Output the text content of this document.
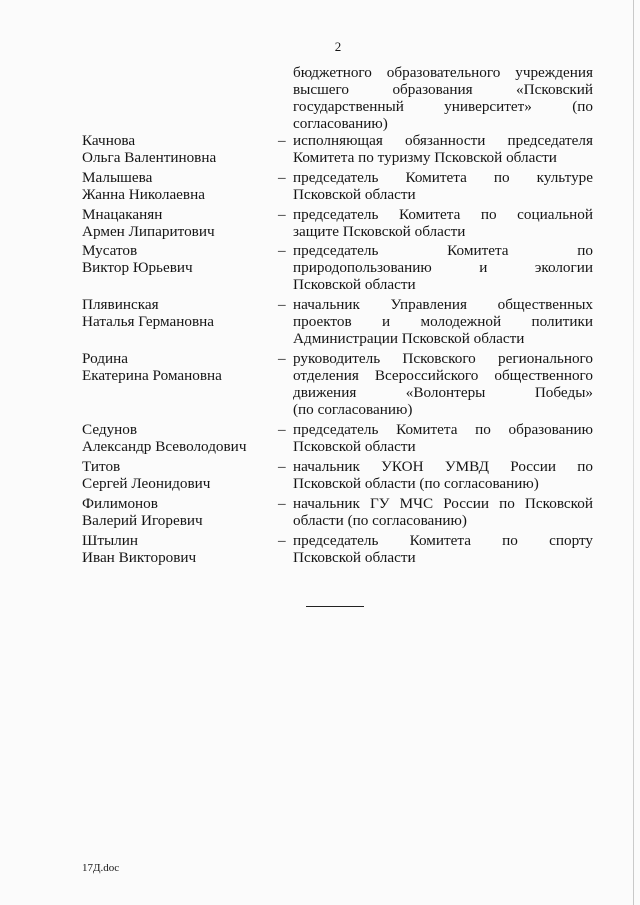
2
бюджетного образовательного учреждения
высшего образования «Псковский
государственный университет» (по
согласованию)
Качнова
Ольга Валентиновна
– исполняющая обязанности председателя
Комитета по туризму Псковской области
Малышева
Жанна Николаевна
– председатель Комитета по культуре
Псковской области
Мнацаканян
Армен Липаритович
– председатель Комитета по социальной
защите Псковской области
Мусатов
Виктор Юрьевич
– председатель Комитета по
природопользованию и экологии
Псковской области
Плявинская
Наталья Германовна
– начальник Управления общественных
проектов и молодежной политики
Администрации Псковской области
Родина
Екатерина Романовна
– руководитель Псковского регионального
отделения Всероссийского общественного
движения «Волонтеры Победы»
(по согласованию)
Седунов
Александр Всеволодович
– председатель Комитета по образованию
Псковской области
Титов
Сергей Леонидович
– начальник УКОН УМВД России по
Псковской области (по согласованию)
Филимонов
Валерий Игоревич
– начальник ГУ МЧС России по Псковской
области (по согласованию)
Штылин
Иван Викторович
– председатель Комитета по спорту
Псковской области
17Д.doc
